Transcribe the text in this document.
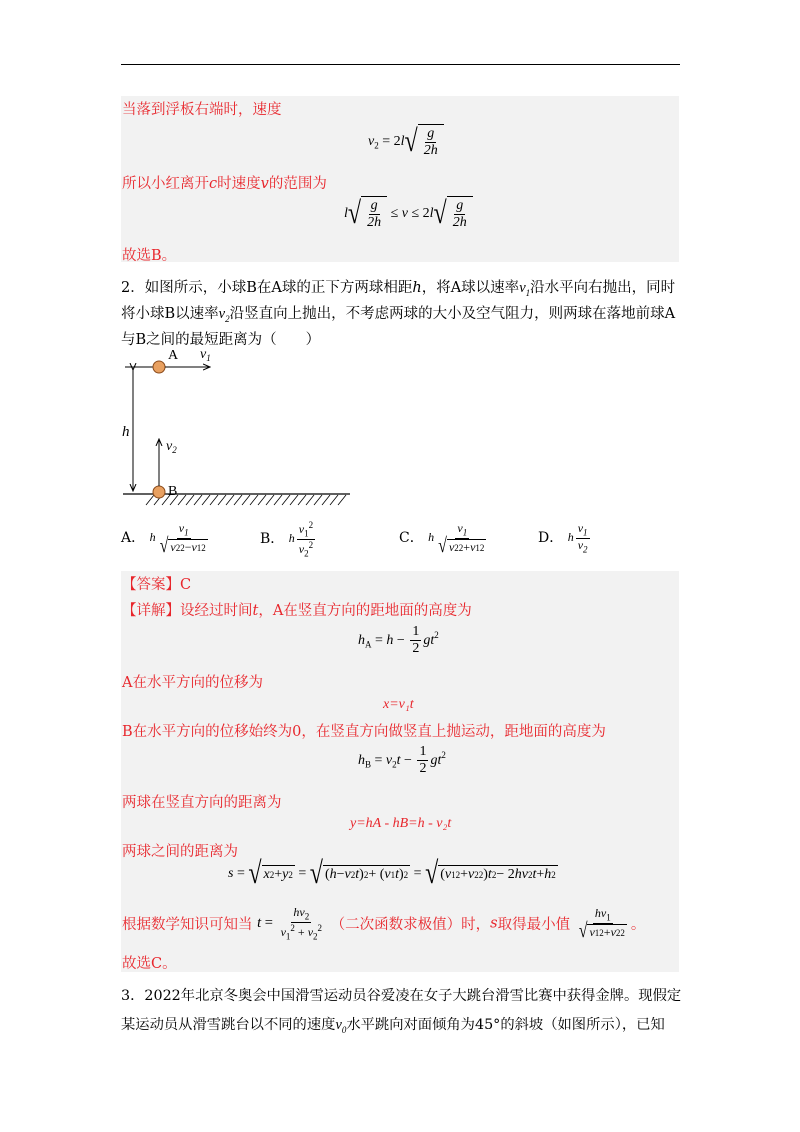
当落到浮板右端时，速度
$v_2 = 2l$ √ $\frac{g}{2h}$
所以小红离开c时速度v的范围为
l √ $\frac{g}{2h} \le v \le 2l$ √ $\frac{g}{2h}$
故选B。
2．如图所示，小球B在A球的正下方两球相距h，将A球以速率$v_1$沿水平向右抛出，同时
将小球B以速率$v_2$沿竖直向上抛出，不考虑两球的大小及空气阻力，则两球在落地前球A
与B之间的最短距离为（　　）
h
A $v_1$
B
$v_2$
A． h $\frac{v_1}{√ v 2 2 - v 1 2}$	B． h $\frac{v_1^2}{v_2^2}$	C． h $\frac{v_1}{√ v 2 2 + v 1 2}$	D． h $\frac{v_1}{v_2}$
【答案】C
【详解】设经过时间t，A在竖直方向的距地面的高度为
$h_A = h - \frac{1}{2} gt^2$
A在水平方向的位移为
x=v₁t
B在水平方向的位移始终为0，在竖直方向做竖直上抛运动，距地面的高度为
$h_B = v_2t - \frac{1}{2} gt^2$
两球在竖直方向的距离为
y=hA - hB=h - v₂t
两球之间的距离为
s = √ x 2 + y 2 = √ ( h − v 2 t ) 2 + ( v 1 t ) 2 = √ ( v 1 2 + v 2 2 ) t 2 − 2 hv 2 t + h 2
根据数学知识可知当 $t = \frac{hv_2}{v_1^2 + v_2^2}$ （二次函数求极值）时，s取得最小值 $\frac{hv_1}{√ v 1 2 + v 2 2}$ 。
故选C。
3．2022年北京冬奥会中国滑雪运动员谷爱凌在女子大跳台滑雪比赛中获得金牌。现假定
某运动员从滑雪跳台以不同的速度$v_0$水平跳向对面倾角为45°的斜坡（如图所示），已知
